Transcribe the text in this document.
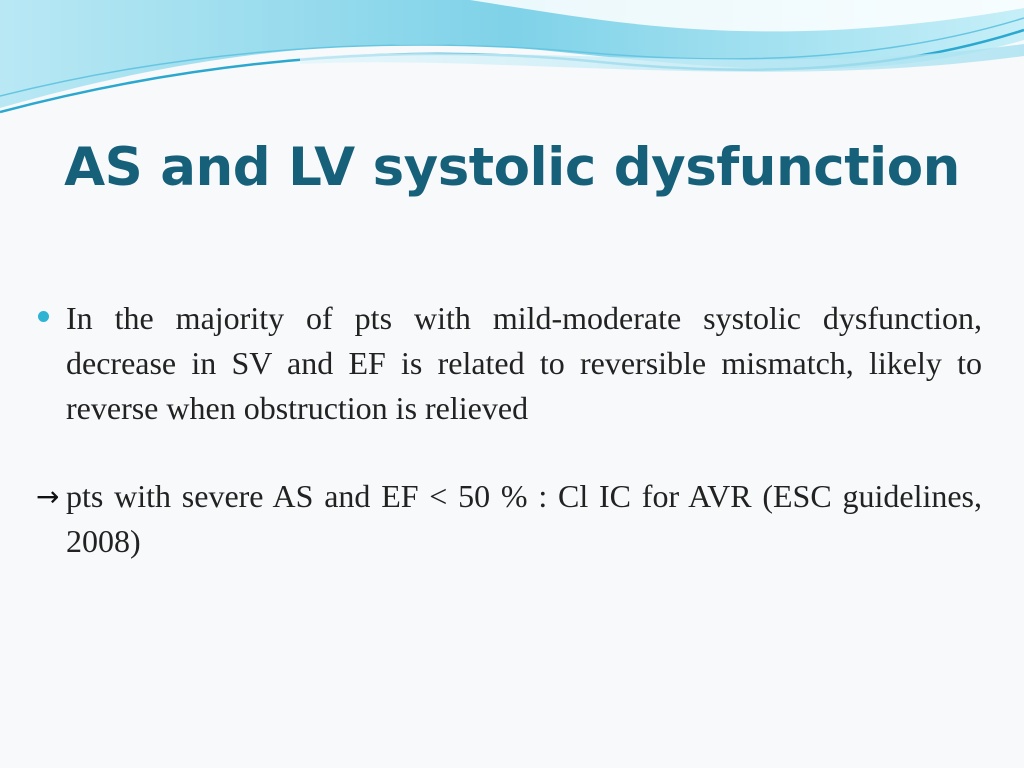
AS and LV systolic dysfunction

In the majority of pts with mild-moderate systolic dysfunction, decrease in SV and EF is related to reversible mismatch, likely to reverse when obstruction is relieved

→ pts with severe AS and EF < 50 % : Cl IC for AVR (ESC guidelines, 2008)
